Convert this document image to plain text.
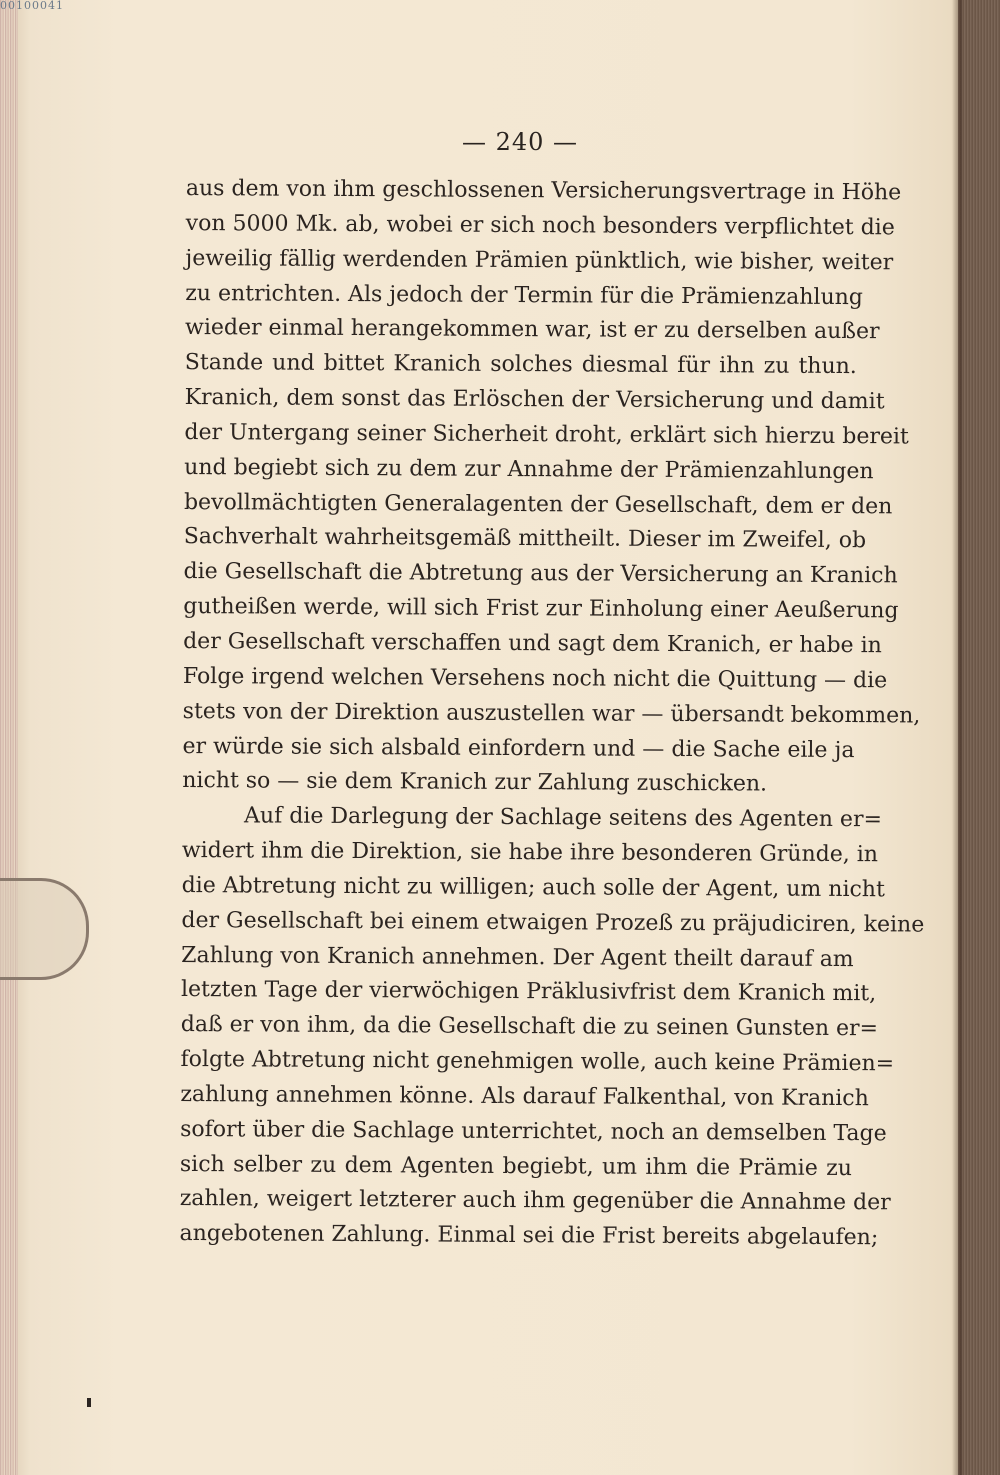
00100041
— 240 —
aus dem von ihm geschlossenen Versicherungsvertrage in Höhe
von 5000 Mk. ab, wobei er sich noch besonders verpflichtet die
jeweilig fällig werdenden Prämien pünktlich, wie bisher, weiter
zu entrichten. Als jedoch der Termin für die Prämienzahlung
wieder einmal herangekommen war, ist er zu derselben außer
Stande und bittet Kranich solches diesmal für ihn zu thun.
Kranich, dem sonst das Erlöschen der Versicherung und damit
der Untergang seiner Sicherheit droht, erklärt sich hierzu bereit
und begiebt sich zu dem zur Annahme der Prämienzahlungen
bevollmächtigten Generalagenten der Gesellschaft, dem er den
Sachverhalt wahrheitsgemäß mittheilt. Dieser im Zweifel, ob
die Gesellschaft die Abtretung aus der Versicherung an Kranich
gutheißen werde, will sich Frist zur Einholung einer Aeußerung
der Gesellschaft verschaffen und sagt dem Kranich, er habe in
Folge irgend welchen Versehens noch nicht die Quittung — die
stets von der Direktion auszustellen war — übersandt bekommen,
er würde sie sich alsbald einfordern und — die Sache eile ja
nicht so — sie dem Kranich zur Zahlung zuschicken.
Auf die Darlegung der Sachlage seitens des Agenten er=
widert ihm die Direktion, sie habe ihre besonderen Gründe, in
die Abtretung nicht zu willigen; auch solle der Agent, um nicht
der Gesellschaft bei einem etwaigen Prozeß zu präjudiciren, keine
Zahlung von Kranich annehmen. Der Agent theilt darauf am
letzten Tage der vierwöchigen Präklusivfrist dem Kranich mit,
daß er von ihm, da die Gesellschaft die zu seinen Gunsten er=
folgte Abtretung nicht genehmigen wolle, auch keine Prämien=
zahlung annehmen könne. Als darauf Falkenthal, von Kranich
sofort über die Sachlage unterrichtet, noch an demselben Tage
sich selber zu dem Agenten begiebt, um ihm die Prämie zu
zahlen, weigert letzterer auch ihm gegenüber die Annahme der
angebotenen Zahlung. Einmal sei die Frist bereits abgelaufen;
